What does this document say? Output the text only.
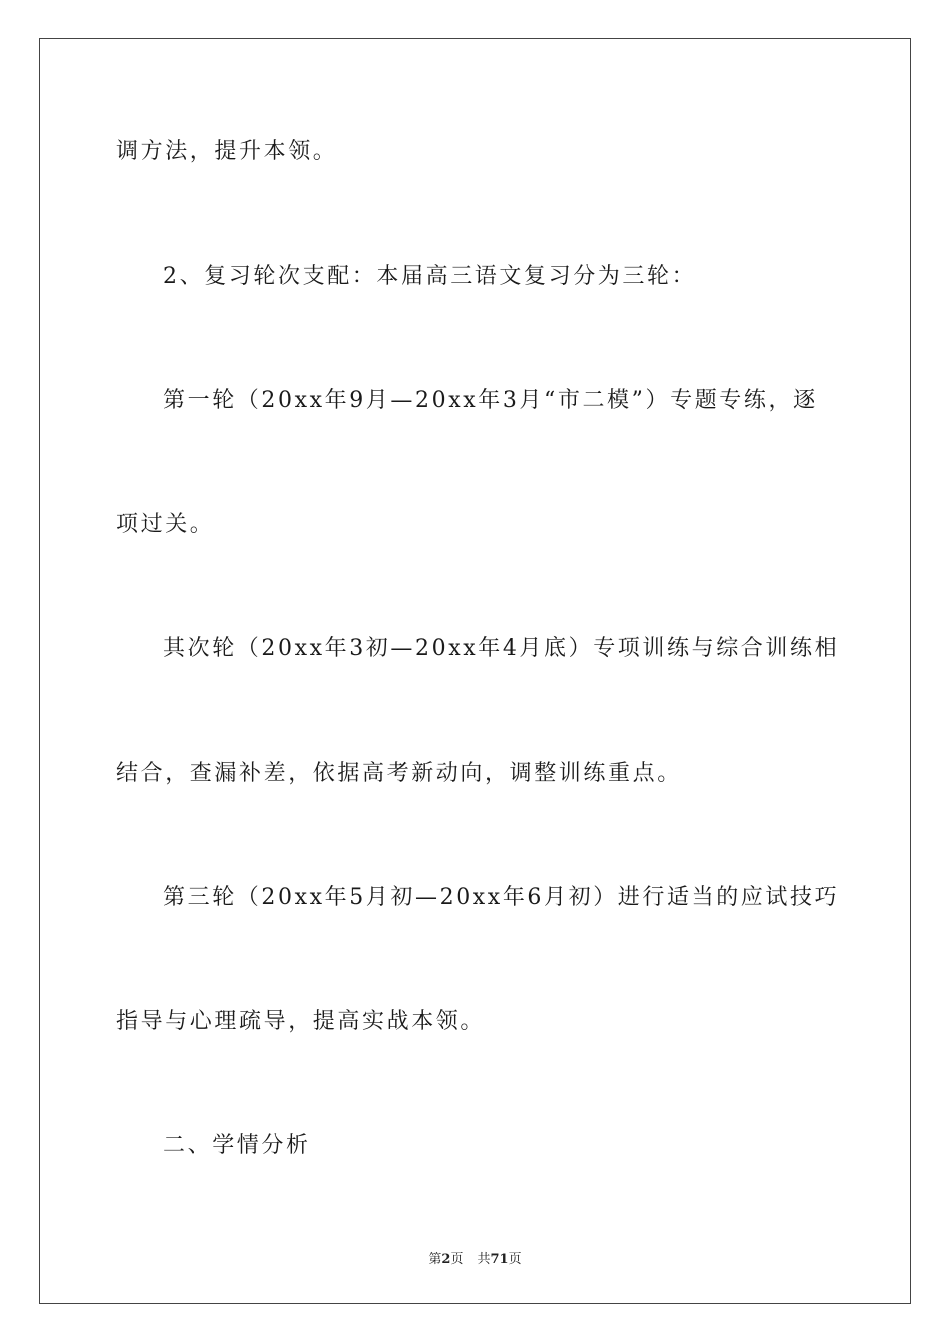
调方法，提升本领。
2、复习轮次支配：本届高三语文复习分为三轮：
第一轮（20xx年9月—20xx年3月“市二模”）专题专练，逐
项过关。
其次轮（20xx年3初—20xx年4月底）专项训练与综合训练相
结合，查漏补差，依据高考新动向，调整训练重点。
第三轮（20xx年5月初—20xx年6月初）进行适当的应试技巧
指导与心理疏导，提高实战本领。
二、学情分析
第2页 共71页
